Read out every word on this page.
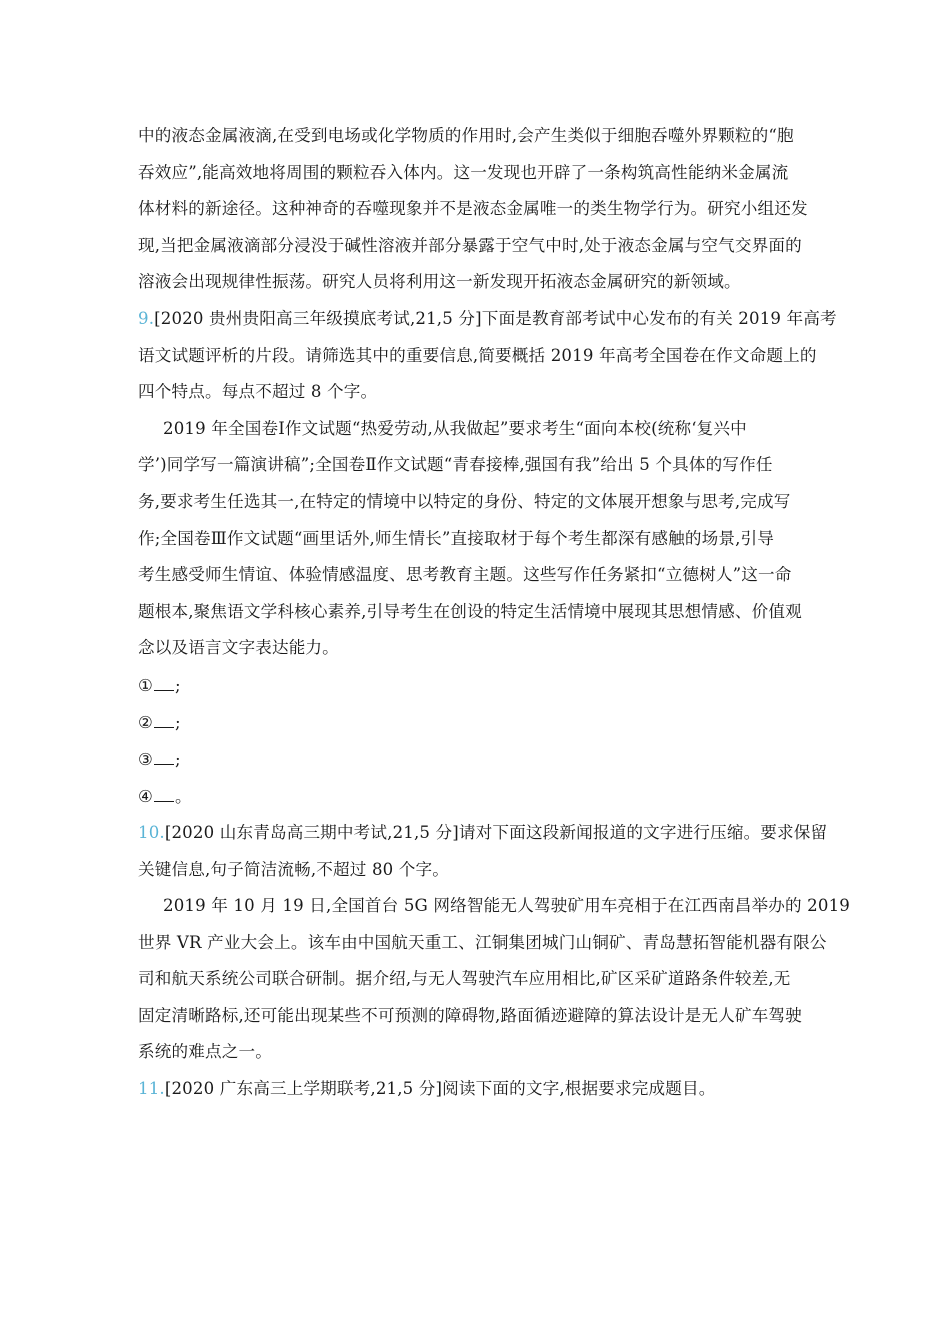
中的液态金属液滴,在受到电场或化学物质的作用时,会产生类似于细胞吞噬外界颗粒的“胞
吞效应”,能高效地将周围的颗粒吞入体内。这一发现也开辟了一条构筑高性能纳米金属流
体材料的新途径。这种神奇的吞噬现象并不是液态金属唯一的类生物学行为。研究小组还发
现,当把金属液滴部分浸没于碱性溶液并部分暴露于空气中时,处于液态金属与空气交界面的
溶液会出现规律性振荡。研究人员将利用这一新发现开拓液态金属研究的新领域。
9.[2020 贵州贵阳高三年级摸底考试,21,5 分]下面是教育部考试中心发布的有关 2019 年高考
语文试题评析的片段。请筛选其中的重要信息,简要概括 2019 年高考全国卷在作文命题上的
四个特点。每点不超过 8 个字。
2019 年全国卷Ⅰ作文试题“热爱劳动,从我做起”要求考生“面向本校(统称‘复兴中
学’)同学写一篇演讲稿”;全国卷Ⅱ作文试题“青春接棒,强国有我”给出 5 个具体的写作任
务,要求考生任选其一,在特定的情境中以特定的身份、特定的文体展开想象与思考,完成写
作;全国卷Ⅲ作文试题“画里话外,师生情长”直接取材于每个考生都深有感触的场景,引导
考生感受师生情谊、体验情感温度、思考教育主题。这些写作任务紧扣“立德树人”这一命
题根本,聚焦语文学科核心素养,引导考生在创设的特定生活情境中展现其思想情感、价值观
念以及语言文字表达能力。
① ;
② ;
③ ;
④ 。
10.[2020 山东青岛高三期中考试,21,5 分]请对下面这段新闻报道的文字进行压缩。要求保留
关键信息,句子简洁流畅,不超过 80 个字。
2019 年 10 月 19 日,全国首台 5G 网络智能无人驾驶矿用车亮相于在江西南昌举办的 2019
世界 VR 产业大会上。该车由中国航天重工、江铜集团城门山铜矿、青岛慧拓智能机器有限公
司和航天系统公司联合研制。据介绍,与无人驾驶汽车应用相比,矿区采矿道路条件较差,无
固定清晰路标,还可能出现某些不可预测的障碍物,路面循迹避障的算法设计是无人矿车驾驶
系统的难点之一。
11.[2020 广东高三上学期联考,21,5 分]阅读下面的文字,根据要求完成题目。
